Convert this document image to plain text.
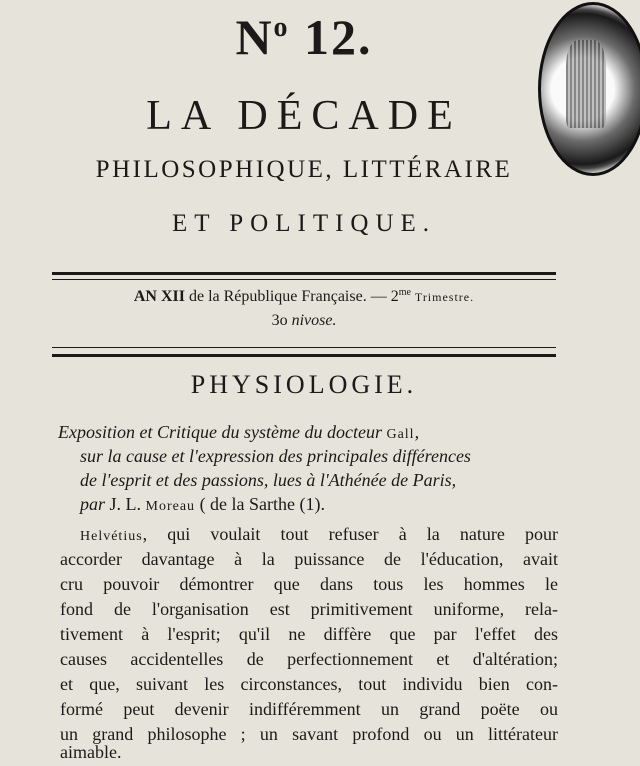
$N^o$ 12.
LA DÉCADE
PHILOSOPHIQUE, LITTÉRAIRE
ET POLITIQUE.
AN XII de la République Française. — $2^{me}$ Trimestre.
3o nivose.
PHYSIOLOGIE.
Exposition et Critique du système du docteur Gall,
sur la cause et l'expression des principales différences
de l'esprit et des passions, lues à l'Athénée de Paris,
par J. L. Moreau ( de la Sarthe (1).
Helvétius, qui voulait tout refuser à la nature pour
accorder davantage à la puissance de l'éducation, avait
cru pouvoir démontrer que dans tous les hommes le
fond de l'organisation est primitivement uniforme, rela-
tivement à l'esprit; qu'il ne diffère que par l'effet des
causes accidentelles de perfectionnement et d'altération;
et que, suivant les circonstances, tout individu bien con-
formé peut devenir indifféremment un grand poëte ou
un grand philosophe ; un savant profond ou un littérateur
aimable.
